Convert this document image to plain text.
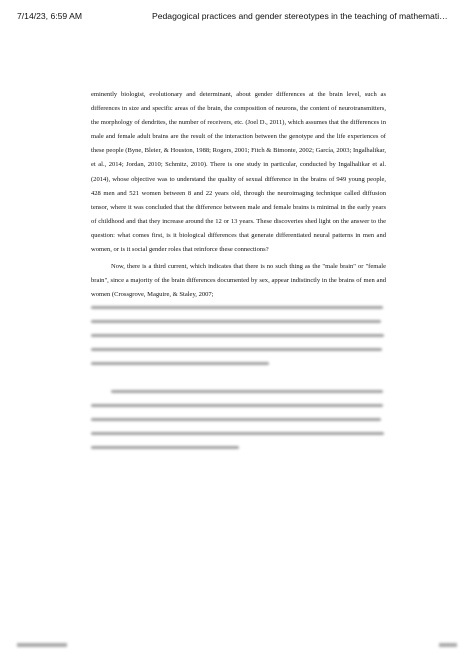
7/14/23, 6:59 AM	Pedagogical practices and gender stereotypes in the teaching of mathemati…

eminently biologist, evolutionary and determinant, about gender differences at the brain level, such as differences in size and specific areas of the brain, the composition of neurons, the content of neurotransmitters, the morphology of dendrites, the number of receivers, etc. (Joel D., 2011), which assumes that the differences in male and female adult brains are the result of the interaction between the genotype and the life experiences of these people (Byne, Bleier, & Houston, 1988; Rogers, 2001; Fitch & Bimonte, 2002; García, 2003; Ingalhalikar, et al., 2014; Jordan, 2010; Schmitz, 2010). There is one study in particular, conducted by Ingalhalikar et al. (2014), whose objective was to understand the quality of sexual difference in the brains of 949 young people, 428 men and 521 women between 8 and 22 years old, through the neuroimaging technique called diffusion tensor, where it was concluded that the difference between male and female brains is minimal in the early years of childhood and that they increase around the 12 or 13 years. These discoveries shed light on the answer to the question: what comes first, is it biological differences that generate differentiated neural patterns in men and women, or is it social gender roles that reinforce these connections?

Now, there is a third current, which indicates that there is no such thing as the "male brain" or "female brain", since a majority of the brain differences documented by sex, appear indistinctly in the brains of men and women (Crossgrove, Maguire, & Staley, 2007;
